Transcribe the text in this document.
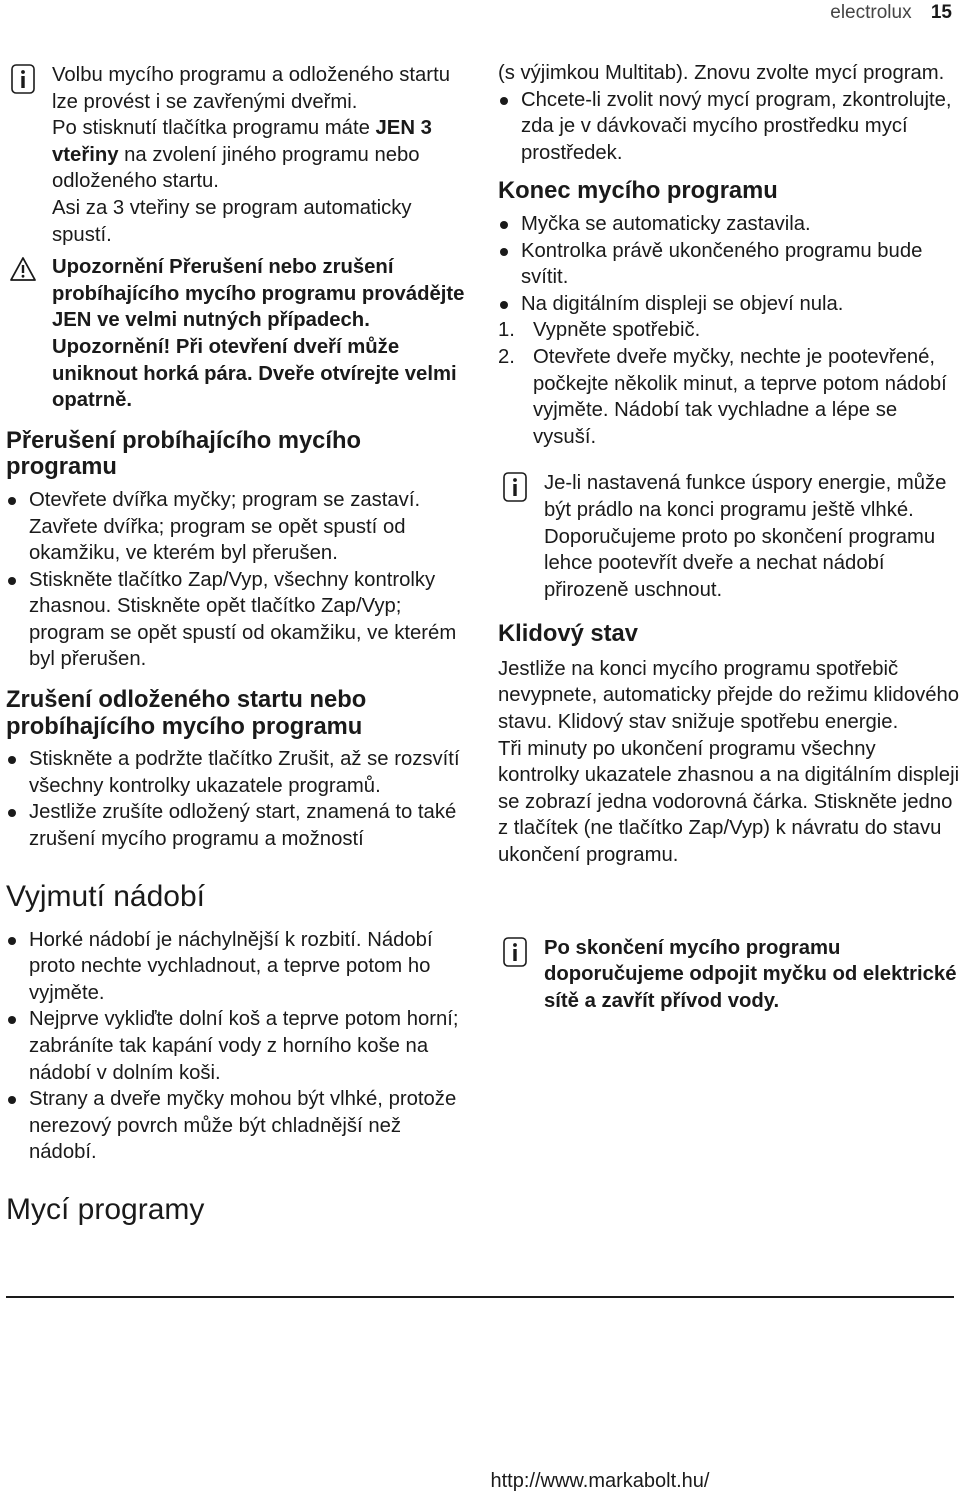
electrolux 15

Volbu mycího programu a odloženého startu lze provést i se zavřenými dveřmi.

Po stisknutí tlačítka programu máte JEN 3 vteřiny na zvolení jiného programu nebo odloženého startu.

Asi za 3 vteřiny se program automaticky spustí.

Upozornění Přerušení nebo zrušení probíhajícího mycího programu provádějte JEN ve velmi nutných případech.

Upozornění! Při otevření dveří může uniknout horká pára. Dveře otvírejte velmi opatrně.

Přerušení probíhajícího mycího programu
Otevřete dvířka myčky; program se zastaví. Zavřete dvířka; program se opět spustí od okamžiku, ve kterém byl přerušen.
Stiskněte tlačítko Zap/Vyp, všechny kontrolky zhasnou. Stiskněte opět tlačítko Zap/Vyp; program se opět spustí od okamžiku, ve kterém byl přerušen.
Zrušení odloženého startu nebo probíhajícího mycího programu
Stiskněte a podržte tlačítko Zrušit, až se rozsvítí všechny kontrolky ukazatele programů.
Jestliže zrušíte odložený start, znamená to také zrušení mycího programu a možností
Vyjmutí nádobí
Horké nádobí je náchylnější k rozbití. Nádobí proto nechte vychladnout, a teprve potom ho vyjměte.
Nejprve vykliďte dolní koš a teprve potom horní; zabráníte tak kapání vody z horního koše na nádobí v dolním koši.
Strany a dveře myčky mohou být vlhké, protože nerezový povrch může být chladnější než nádobí.
Mycí programy

(s výjimkou Multitab). Znovu zvolte mycí program.

Chcete-li zvolit nový mycí program, zkontrolujte, zda je v dávkovači mycího prostředku mycí prostředek.
Konec mycího programu
Myčka se automaticky zastavila.
Kontrolka právě ukončeného programu bude svítit.
Na digitálním displeji se objeví nula.
1. Vypněte spotřebič.
2. Otevřete dveře myčky, nechte je pootevřené, počkejte několik minut, a teprve potom nádobí vyjměte. Nádobí tak vychladne a lépe se vysuší.
Je-li nastavená funkce úspory energie, může být prádlo na konci programu ještě vlhké. Doporučujeme proto po skončení programu lehce pootevřít dveře a nechat nádobí přirozeně uschnout.
Klidový stav

Jestliže na konci mycího programu spotřebič nevypnete, automaticky přejde do režimu klidového stavu. Klidový stav snižuje spotřebu energie.

Tři minuty po ukončení programu všechny kontrolky ukazatele zhasnou a na digitálním displeji se zobrazí jedna vodorovná čárka. Stiskněte jedno z tlačítek (ne tlačítko Zap/Vyp) k návratu do stavu ukončení programu.

Po skončení mycího programu doporučujeme odpojit myčku od elektrické sítě a zavřít přívod vody.
http://www.markabolt.hu/
